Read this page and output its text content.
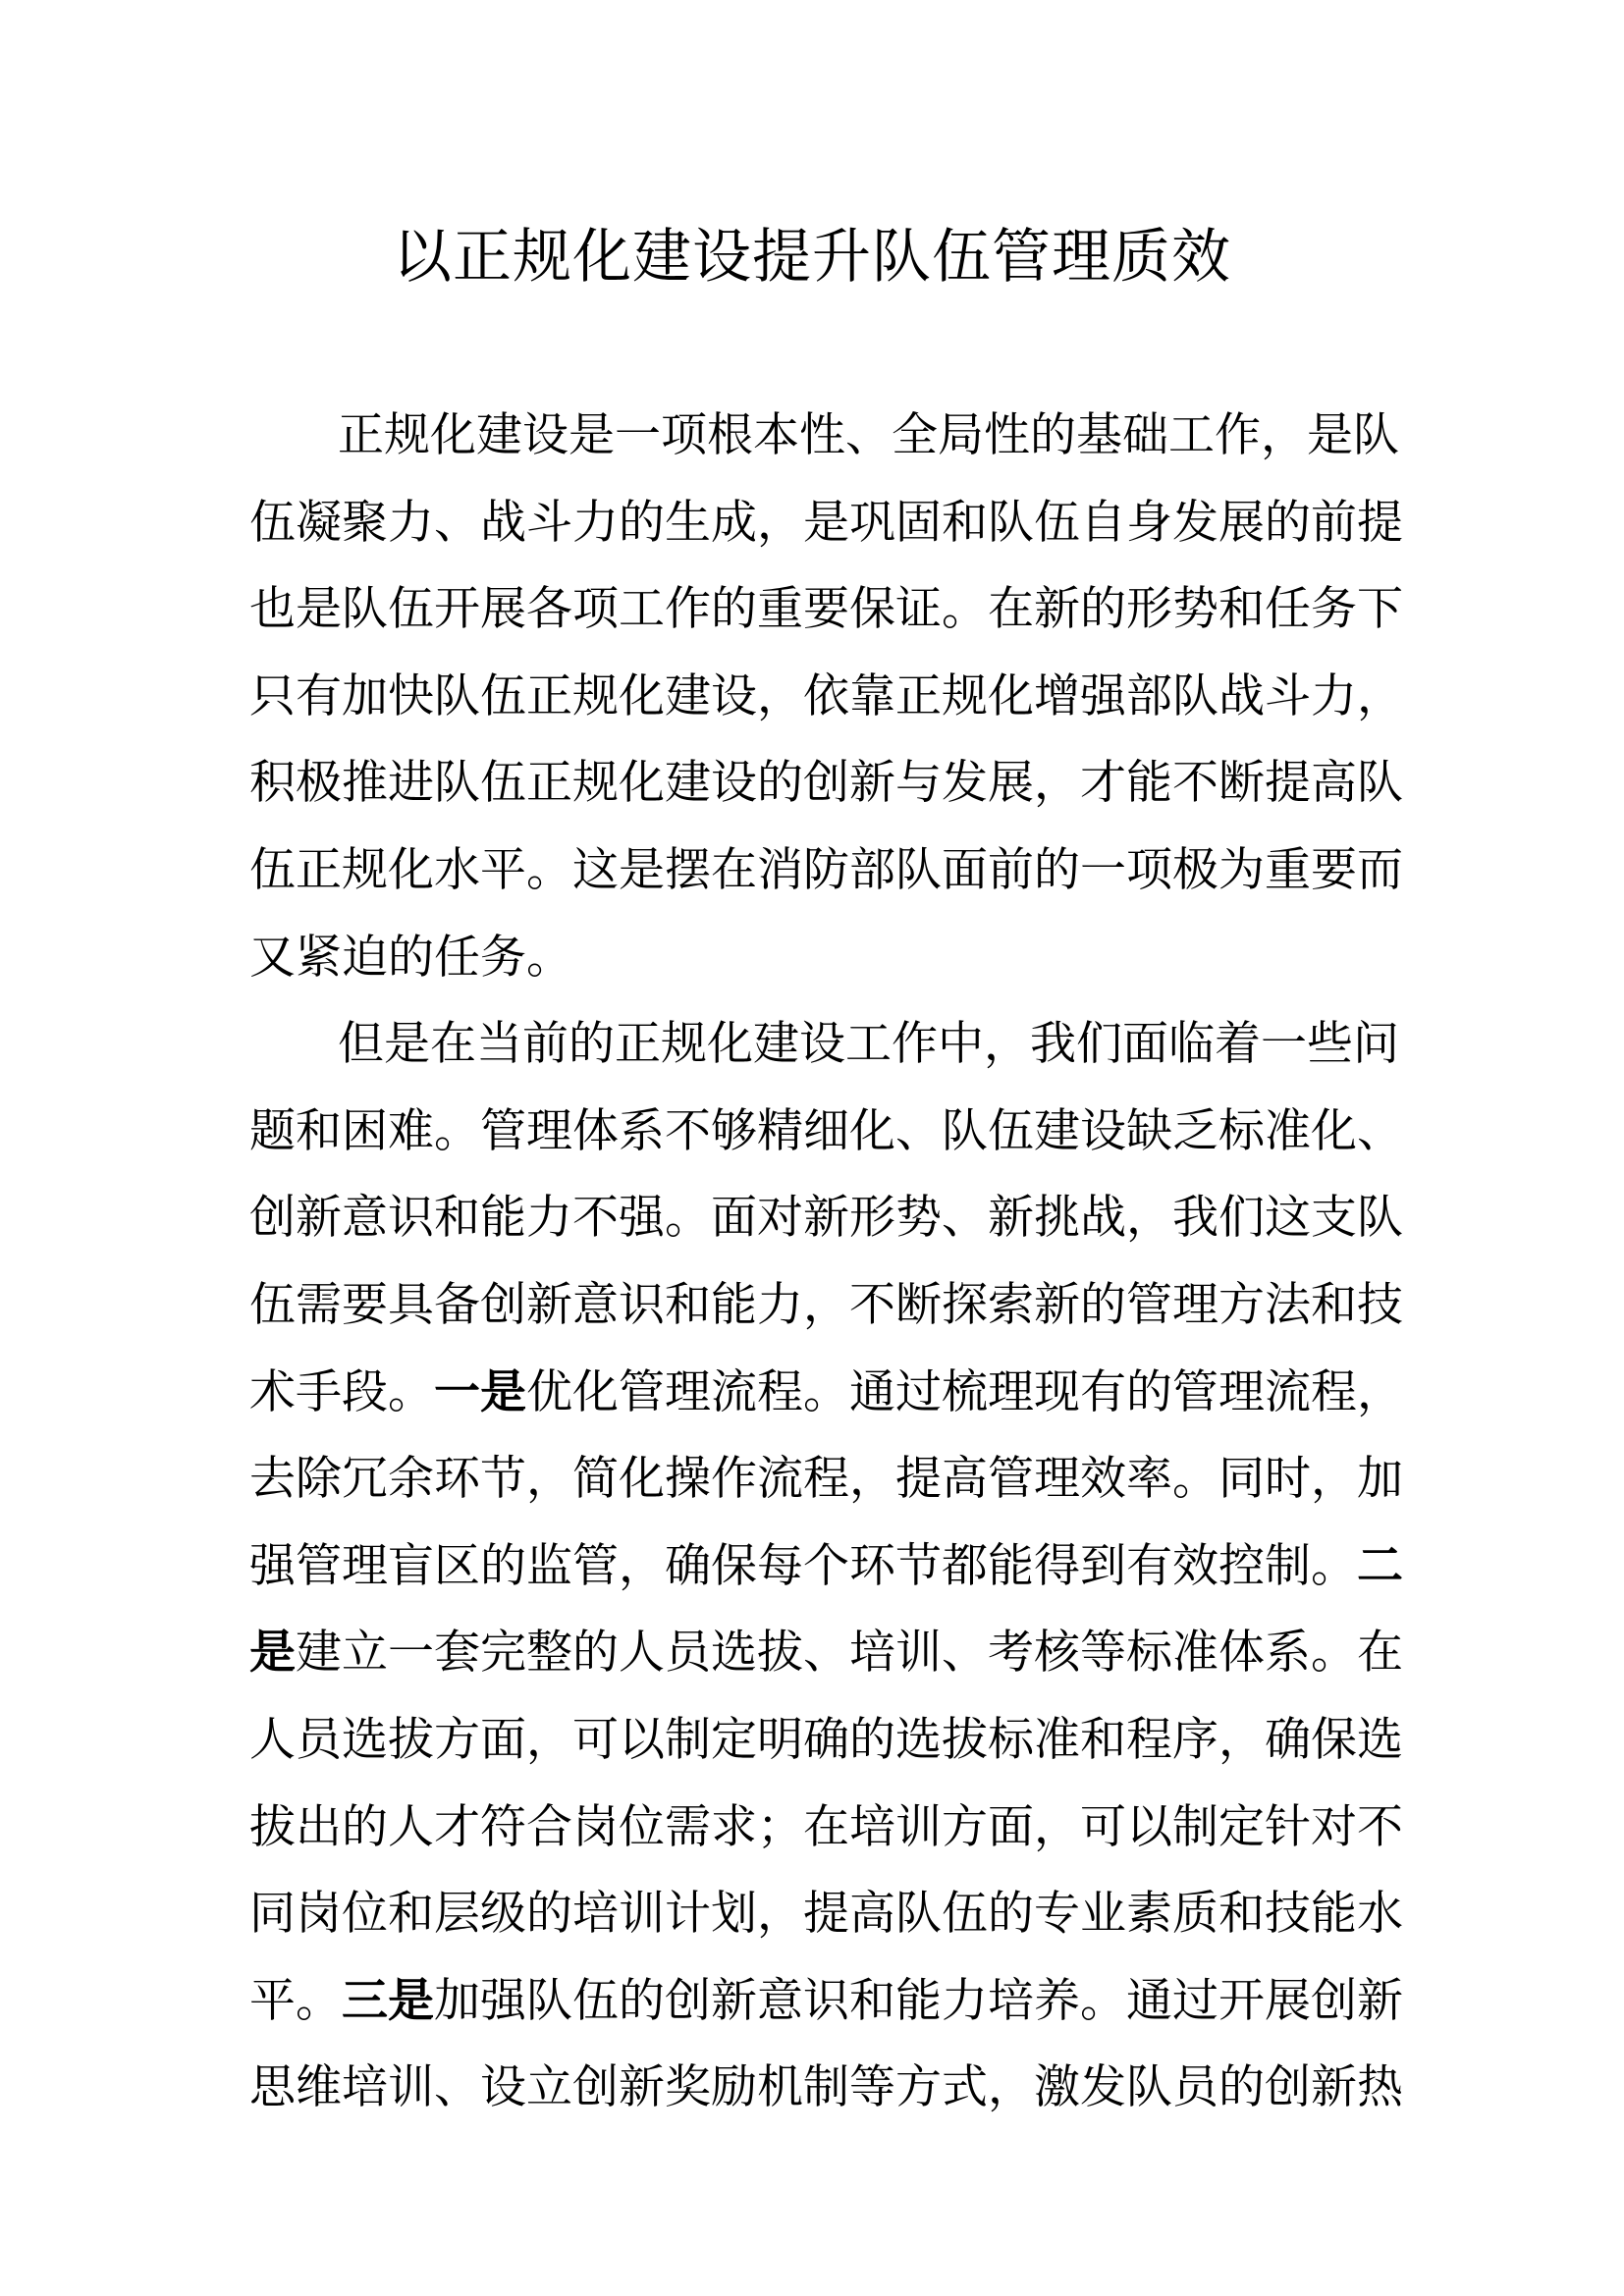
以正规化建设提升队伍管理质效
正规化建设是一项根本性、全局性的基础工作，是队
伍凝聚力、战斗力的生成，是巩固和队伍自身发展的前提
也是队伍开展各项工作的重要保证。在新的形势和任务下
只有加快队伍正规化建设，依靠正规化增强部队战斗力，
积极推进队伍正规化建设的创新与发展，才能不断提高队
伍正规化水平。这是摆在消防部队面前的一项极为重要而
又紧迫的任务。
但是在当前的正规化建设工作中，我们面临着一些问
题和困难。管理体系不够精细化、队伍建设缺乏标准化、
创新意识和能力不强。面对新形势、新挑战，我们这支队
伍需要具备创新意识和能力，不断探索新的管理方法和技
术手段。一是优化管理流程。通过梳理现有的管理流程，
去除冗余环节，简化操作流程，提高管理效率。同时，加
强管理盲区的监管，确保每个环节都能得到有效控制。二
是建立一套完整的人员选拔、培训、考核等标准体系。在
人员选拔方面，可以制定明确的选拔标准和程序，确保选
拔出的人才符合岗位需求；在培训方面，可以制定针对不
同岗位和层级的培训计划，提高队伍的专业素质和技能水
平。三是加强队伍的创新意识和能力培养。通过开展创新
思维培训、设立创新奖励机制等方式，激发队员的创新热
